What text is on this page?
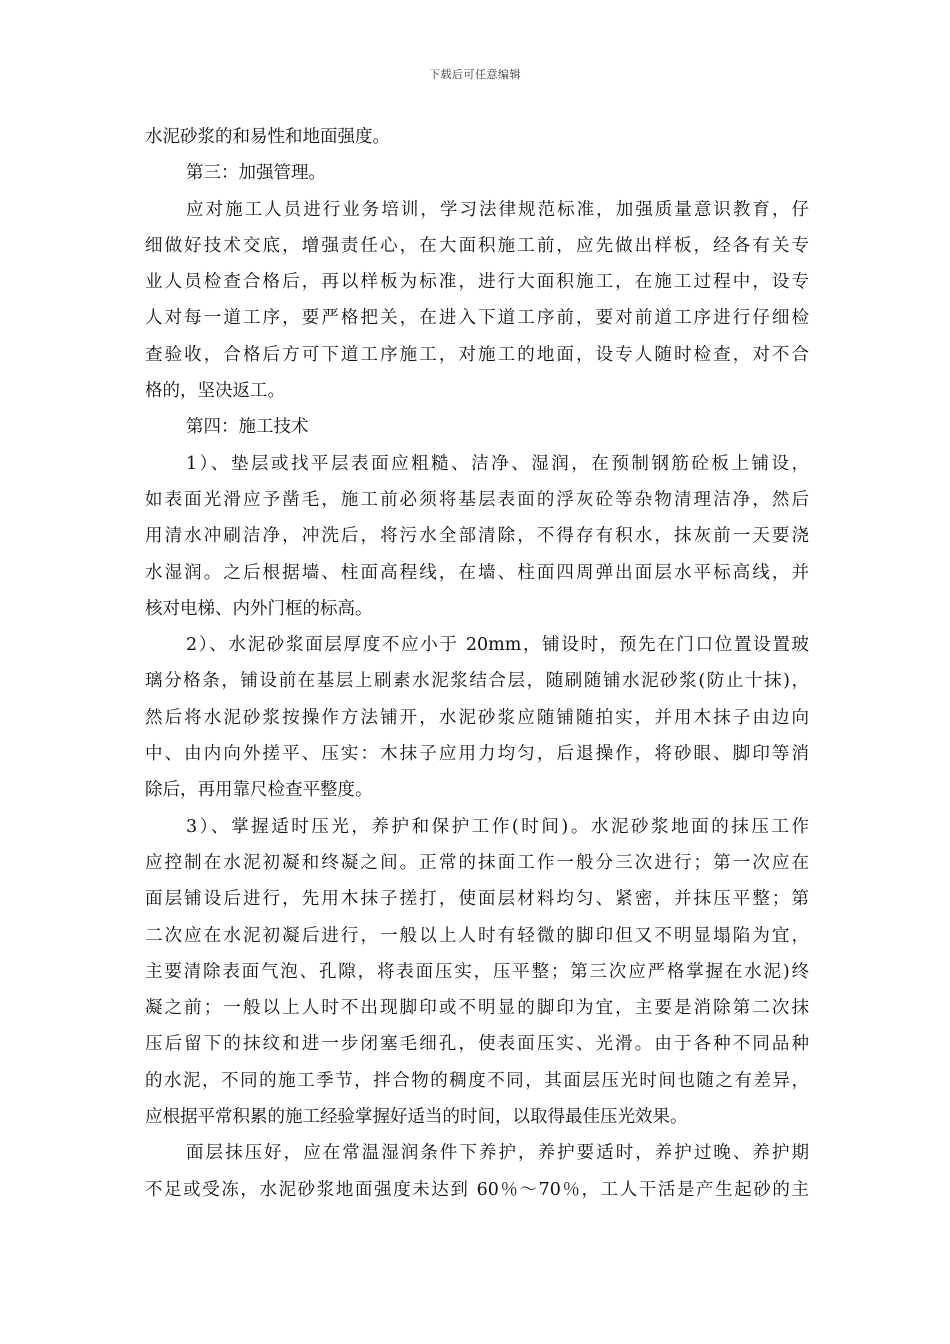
下载后可任意编辑
水泥砂浆的和易性和地面强度。
第三：加强管理。
应对施工人员进行业务培训，学习法律规范标准，加强质量意识教育，仔
细做好技术交底，增强责任心，在大面积施工前，应先做出样板，经各有关专
业人员检查合格后，再以样板为标准，进行大面积施工，在施工过程中，设专
人对每一道工序，要严格把关，在进入下道工序前，要对前道工序进行仔细检
查验收，合格后方可下道工序施工，对施工的地面，设专人随时检查，对不合
格的，坚决返工。
第四：施工技术
1）、垫层或找平层表面应粗糙、洁净、湿润，在预制钢筋砼板上铺设，
如表面光滑应予凿毛，施工前必须将基层表面的浮灰砼等杂物清理洁净，然后
用清水冲刷洁净，冲洗后，将污水全部清除，不得存有积水，抹灰前一天要浇
水湿润。之后根据墙、柱面高程线，在墙、柱面四周弹出面层水平标高线，并
核对电梯、内外门框的标高。
2）、水泥砂浆面层厚度不应小于 20mm，铺设时，预先在门口位置设置玻
璃分格条，铺设前在基层上刷素水泥浆结合层，随刷随铺水泥砂浆(防止十抹)，
然后将水泥砂浆按操作方法铺开，水泥砂浆应随铺随拍实，并用木抹子由边向
中、由内向外搓平、压实：木抹子应用力均匀，后退操作，将砂眼、脚印等消
除后，再用靠尺检查平整度。
3）、掌握适时压光，养护和保护工作(时间)。水泥砂浆地面的抹压工作
应控制在水泥初凝和终凝之间。正常的抹面工作一般分三次进行；第一次应在
面层铺设后进行，先用木抹子搓打，使面层材料均匀、紧密，并抹压平整；第
二次应在水泥初凝后进行，一般以上人时有轻微的脚印但又不明显塌陷为宜，
主要清除表面气泡、孔隙，将表面压实，压平整；第三次应严格掌握在水泥)终
凝之前；一般以上人时不出现脚印或不明显的脚印为宜，主要是消除第二次抹
压后留下的抹纹和进一步闭塞毛细孔，使表面压实、光滑。由于各种不同品种
的水泥，不同的施工季节，拌合物的稠度不同，其面层压光时间也随之有差异，
应根据平常积累的施工经验掌握好适当的时间，以取得最佳压光效果。
面层抹压好，应在常温湿润条件下养护，养护要适时，养护过晚、养护期
不足或受冻，水泥砂浆地面强度未达到 60％～70％，工人干活是产生起砂的主
